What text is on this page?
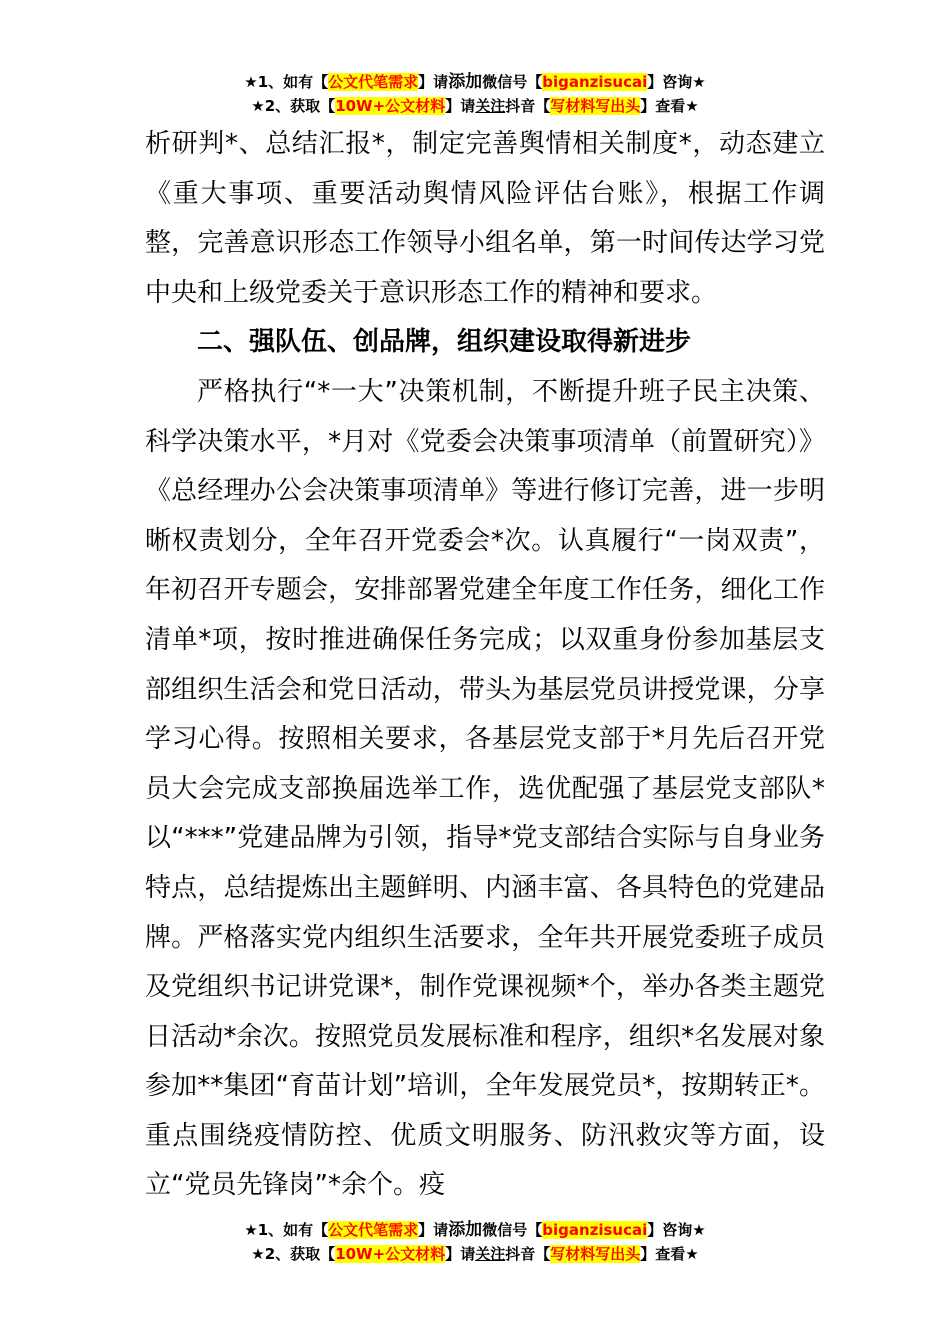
★1、如有【公文代笔需求】请添加微信号【biganzisucai】咨询★
★2、获取【10W+公文材料】请关注抖音【写材料写出头】查看★

析研判*、总结汇报*，制定完善舆情相关制度*，动态建立《重大事项、重要活动舆情风险评估台账》，根据工作调整，完善意识形态工作领导小组名单，第一时间传达学习党中央和上级党委关于意识形态工作的精神和要求。

二、强队伍、创品牌，组织建设取得新进步

严格执行“*一大”决策机制，不断提升班子民主决策、科学决策水平，*月对《党委会决策事项清单（前置研究）》《总经理办公会决策事项清单》等进行修订完善，进一步明晰权责划分，全年召开党委会*次。认真履行“一岗双责”，年初召开专题会，安排部署党建全年度工作任务，细化工作清单*项，按时推进确保任务完成；以双重身份参加基层支部组织生活会和党日活动，带头为基层党员讲授党课，分享学习心得。按照相关要求，各基层党支部于*月先后召开党员大会完成支部换届选举工作，选优配强了基层党支部队*以“***”党建品牌为引领，指导*党支部结合实际与自身业务特点，总结提炼出主题鲜明、内涵丰富、各具特色的党建品牌。严格落实党内组织生活要求，全年共开展党委班子成员及党组织书记讲党课*，制作党课视频*个，举办各类主题党日活动*余次。按照党员发展标准和程序，组织*名发展对象参加**集团“育苗计划”培训，全年发展党员*，按期转正*。重点围绕疫情防控、优质文明服务、防汛救灾等方面，设立“党员先锋岗”*余个。疫

★1、如有【公文代笔需求】请添加微信号【biganzisucai】咨询★
★2、获取【10W+公文材料】请关注抖音【写材料写出头】查看★
